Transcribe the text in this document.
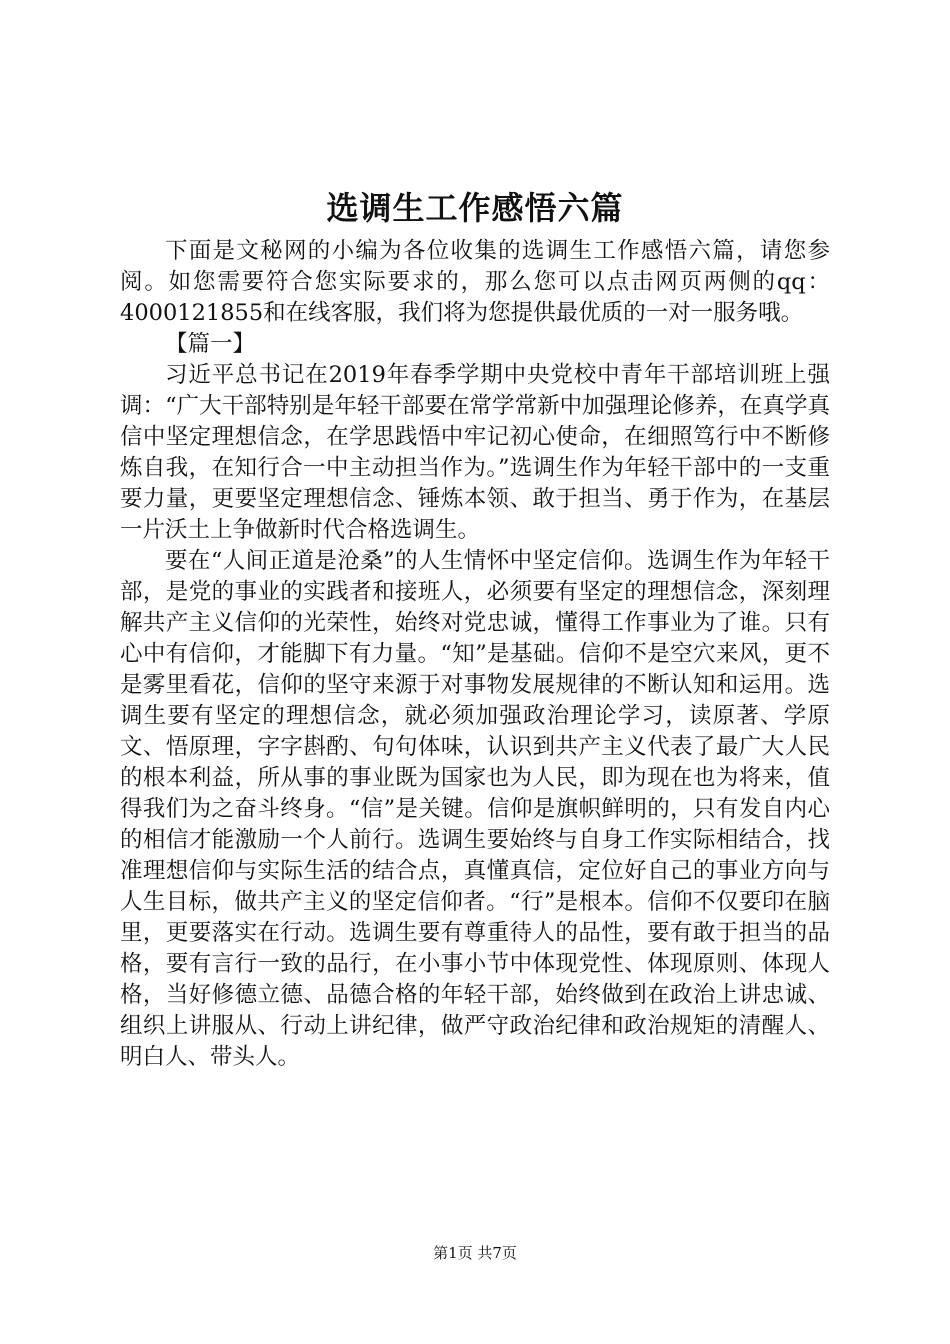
选调生工作感悟六篇

下面是文秘网的小编为各位收集的选调生工作感悟六篇，请您参阅。如您需要符合您实际要求的，那么您可以点击网页两侧的qq：4000121855和在线客服，我们将为您提供最优质的一对一服务哦。

【篇一】

习近平总书记在2019年春季学期中央党校中青年干部培训班上强调：“广大干部特别是年轻干部要在常学常新中加强理论修养，在真学真信中坚定理想信念，在学思践悟中牢记初心使命，在细照笃行中不断修炼自我，在知行合一中主动担当作为。”选调生作为年轻干部中的一支重要力量，更要坚定理想信念、锤炼本领、敢于担当、勇于作为，在基层一片沃土上争做新时代合格选调生。

要在“人间正道是沧桑”的人生情怀中坚定信仰。选调生作为年轻干部，是党的事业的实践者和接班人，必须要有坚定的理想信念，深刻理解共产主义信仰的光荣性，始终对党忠诚，懂得工作事业为了谁。只有心中有信仰，才能脚下有力量。“知”是基础。信仰不是空穴来风，更不是雾里看花，信仰的坚守来源于对事物发展规律的不断认知和运用。选调生要有坚定的理想信念，就必须加强政治理论学习，读原著、学原文、悟原理，字字斟酌、句句体味，认识到共产主义代表了最广大人民的根本利益，所从事的事业既为国家也为人民，即为现在也为将来，值得我们为之奋斗终身。“信”是关键。信仰是旗帜鲜明的，只有发自内心的相信才能激励一个人前行。选调生要始终与自身工作实际相结合，找准理想信仰与实际生活的结合点，真懂真信，定位好自己的事业方向与人生目标，做共产主义的坚定信仰者。“行”是根本。信仰不仅要印在脑里，更要落实在行动。选调生要有尊重待人的品性，要有敢于担当的品格，要有言行一致的品行，在小事小节中体现党性、体现原则、体现人格，当好修德立德、品德合格的年轻干部，始终做到在政治上讲忠诚、组织上讲服从、行动上讲纪律，做严守政治纪律和政治规矩的清醒人、明白人、带头人。

第1页 共7页
